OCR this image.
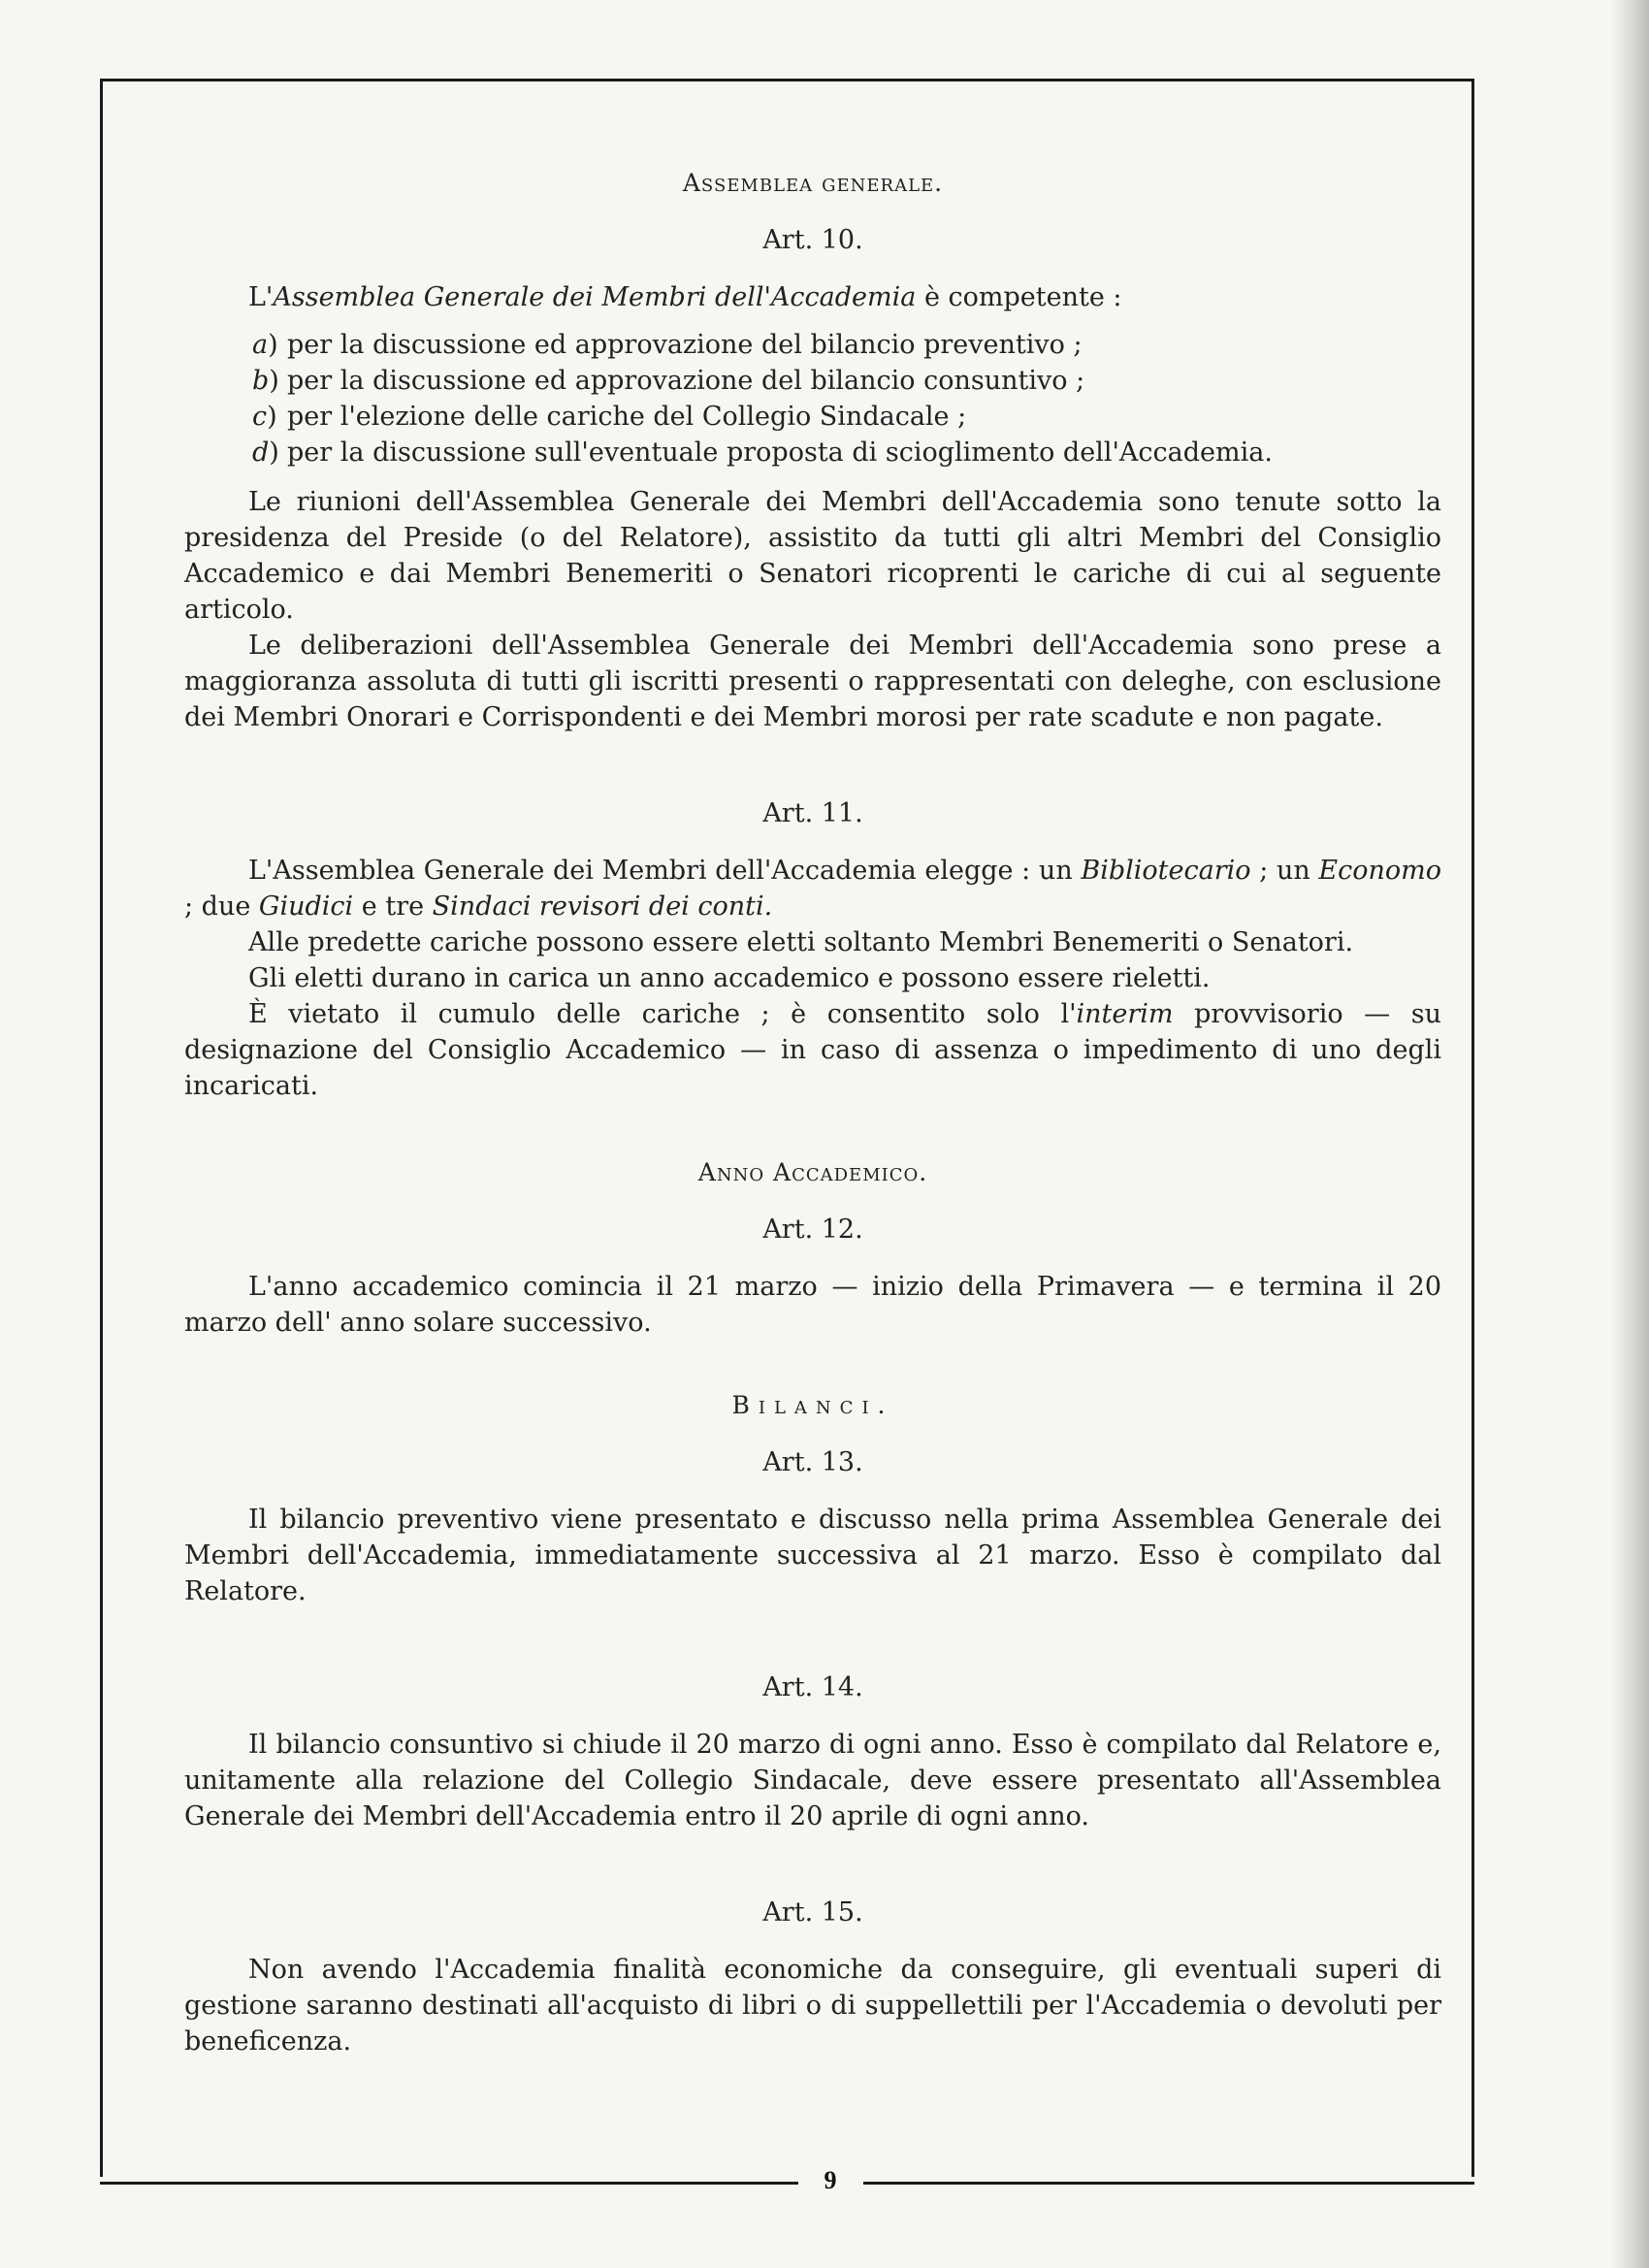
9
Assemblea generale.
Art. 10.

L'Assemblea Generale dei Membri dell'Accademia è competente :

a ) per la discussione ed approvazione del bilancio preventivo ;
b ) per la discussione ed approvazione del bilancio consuntivo ;
c ) per l'elezione delle cariche del Collegio Sindacale ;
d ) per la discussione sull'eventuale proposta di scioglimento dell'Accademia.

Le riunioni dell'Assemblea Generale dei Membri dell'Accademia sono tenute sotto la presidenza del Preside (o del Relatore), assistito da tutti gli altri Membri del Consiglio Accademico e dai Membri Benemeriti o Senatori ricoprenti le cariche di cui al seguente articolo.

Le deliberazioni dell'Assemblea Generale dei Membri dell'Accademia sono prese a maggioranza assoluta di tutti gli iscritti presenti o rappresentati con deleghe, con esclusione dei Membri Onorari e Corrispondenti e dei Membri morosi per rate scadute e non pagate.

Art. 11.

L'Assemblea Generale dei Membri dell'Accademia elegge : un Bibliotecario ; un Economo ; due Giudici e tre Sindaci revisori dei conti.

Alle predette cariche possono essere eletti soltanto Membri Benemeriti o Senatori.

Gli eletti durano in carica un anno accademico e possono essere rieletti.

È vietato il cumulo delle cariche ; è consentito solo l'interim provvisorio — su designazione del Consiglio Accademico — in caso di assenza o impedimento di uno degli incaricati.

Anno Accademico.
Art. 12.

L'anno accademico comincia il 21 marzo — inizio della Primavera — e termina il 20 marzo dell' anno solare successivo.

Bilanci.
Art. 13.

Il bilancio preventivo viene presentato e discusso nella prima Assemblea Generale dei Membri dell'Accademia, immediatamente successiva al 21 marzo. Esso è compilato dal Relatore.

Art. 14.

Il bilancio consuntivo si chiude il 20 marzo di ogni anno. Esso è compilato dal Relatore e, unitamente alla relazione del Collegio Sindacale, deve essere presentato all'Assemblea Generale dei Membri dell'Accademia entro il 20 aprile di ogni anno.

Art. 15.

Non avendo l'Accademia finalità economiche da conseguire, gli eventuali superi di gestione saranno destinati all'acquisto di libri o di suppellettili per l'Accademia o devoluti per beneficenza.
